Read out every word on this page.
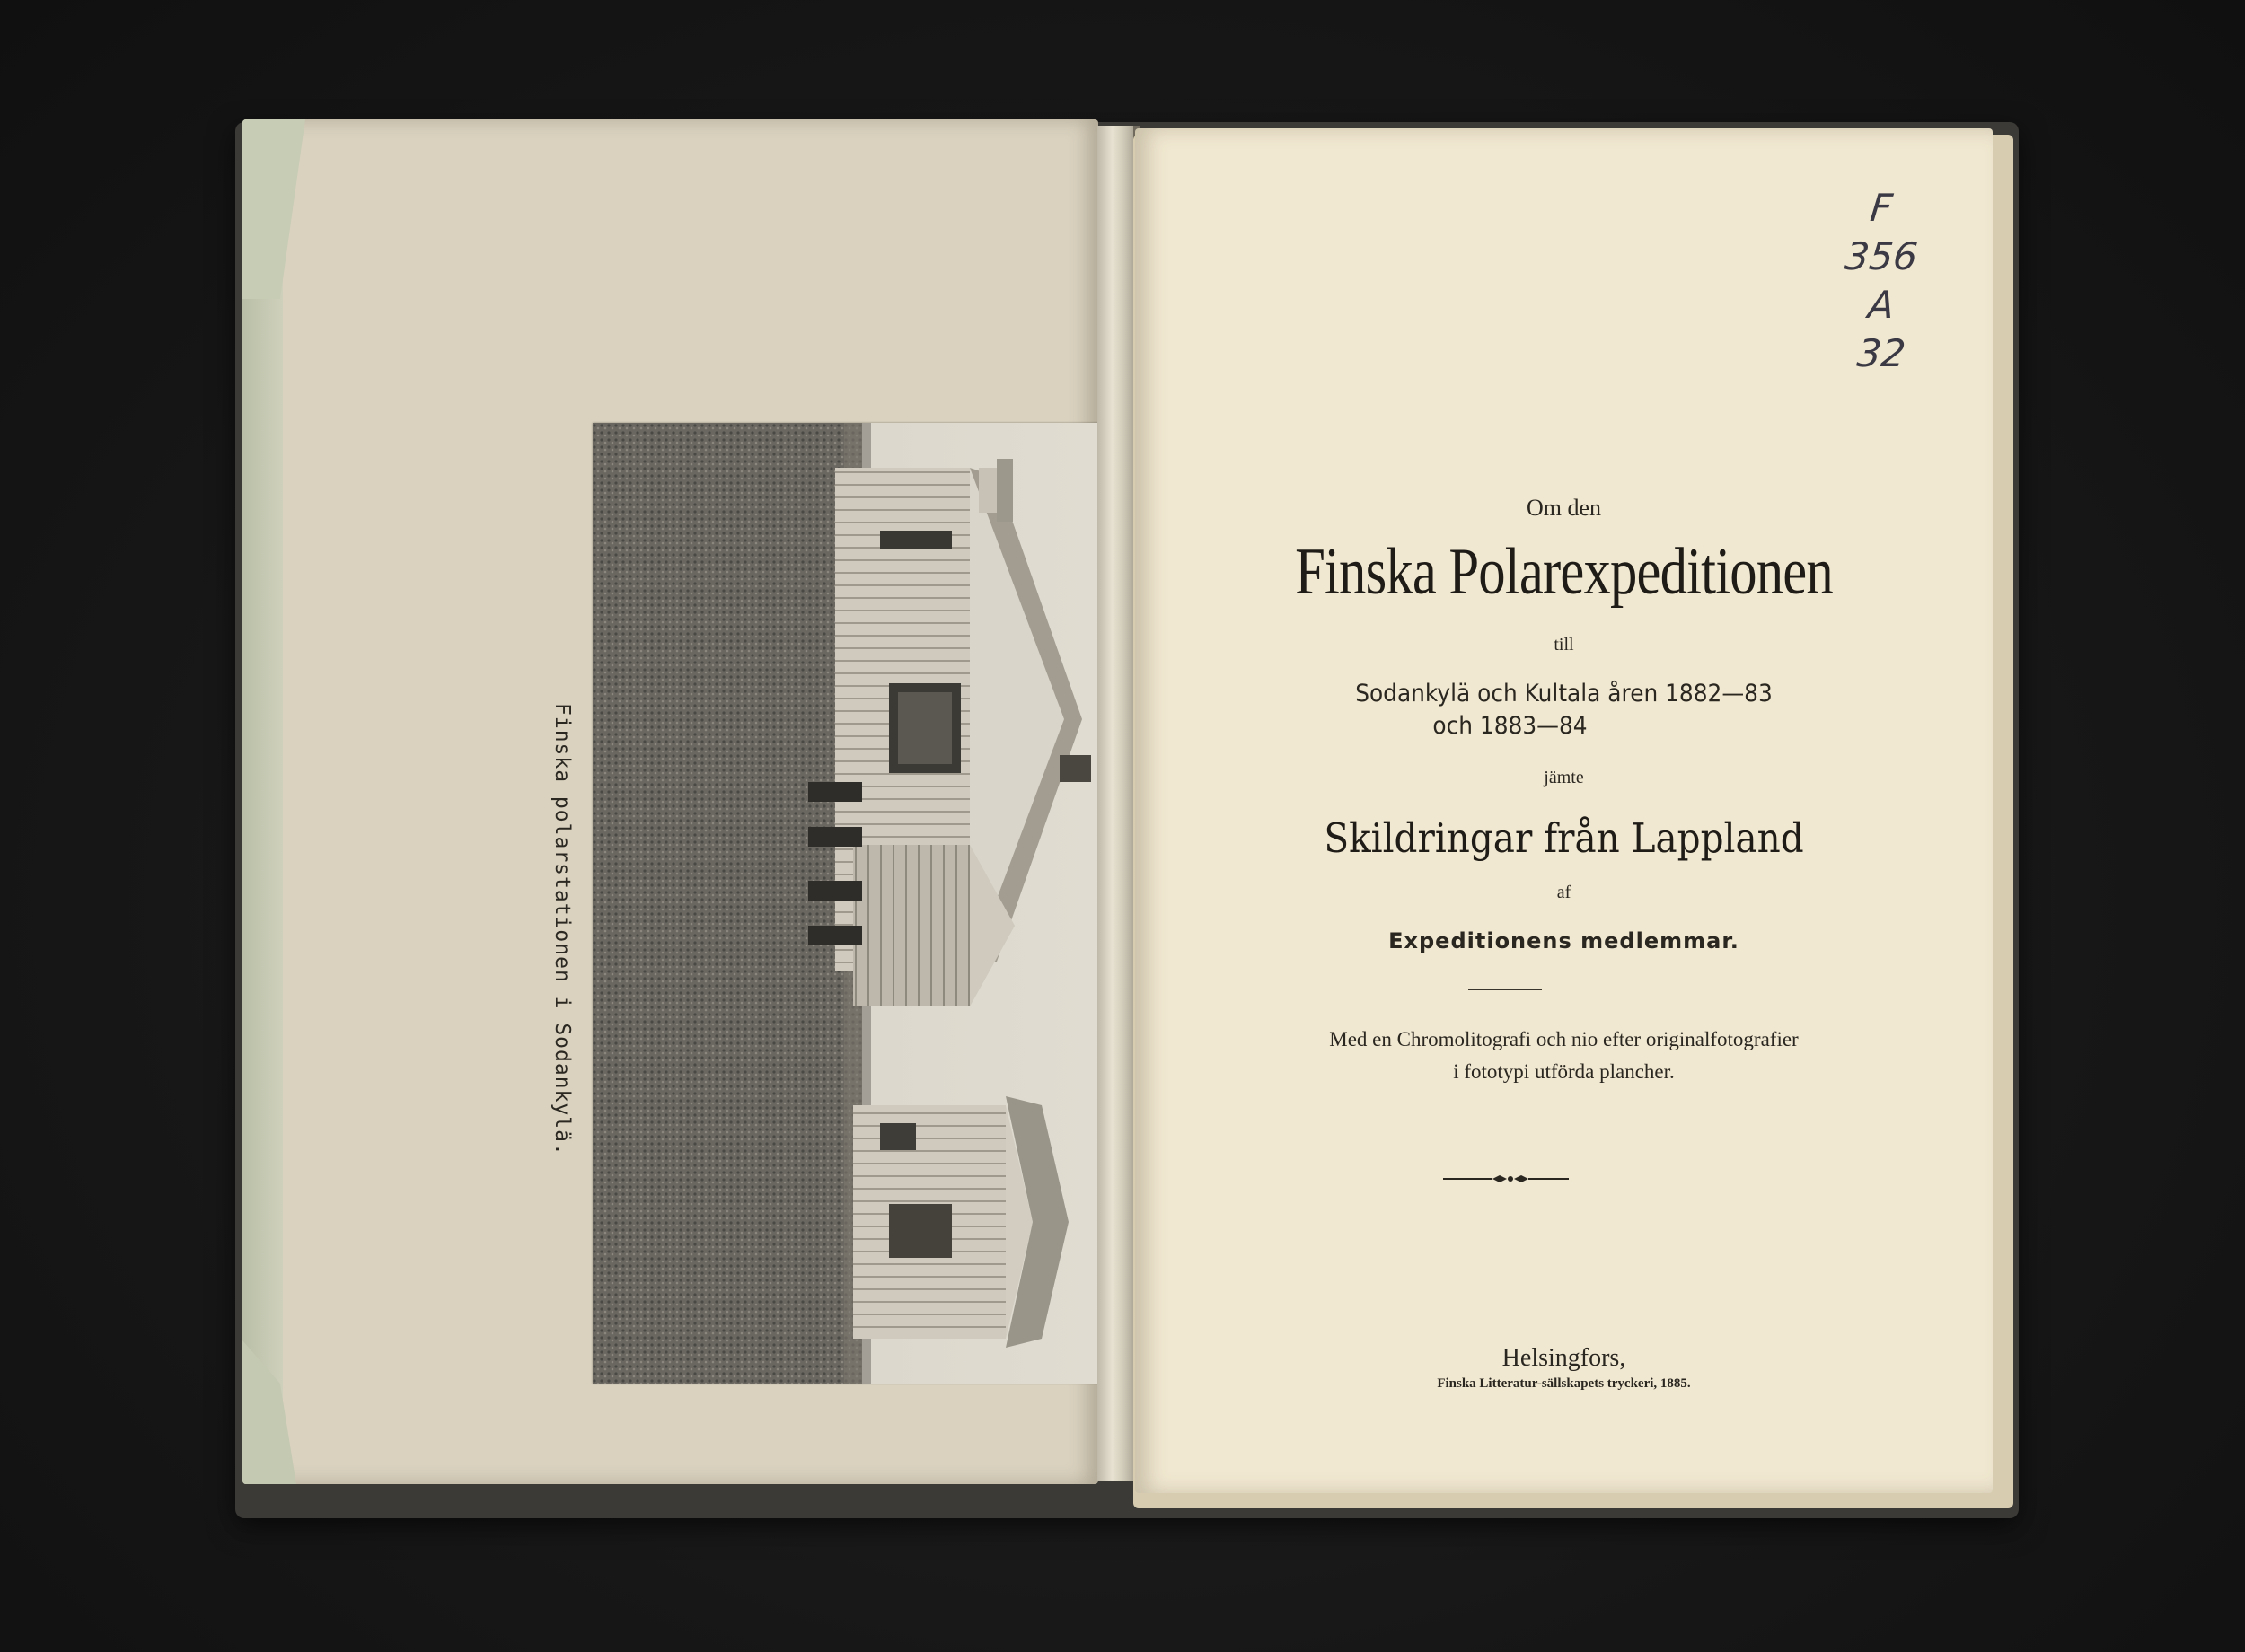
Finska polarstationen i Sodankylä.
Om den
Finska Polarexpeditionen
till
Sodankylä och Kultala åren 1882—83
och 1883—84
jämte
Skildringar från Lappland
af
Expeditionens medlemmar.
Med en Chromolitografi och nio efter originalfotografier
i fototypi utförda plancher.
Helsingfors,
Finska Litteratur-sällskapets tryckeri, 1885.
F
356
A
32
